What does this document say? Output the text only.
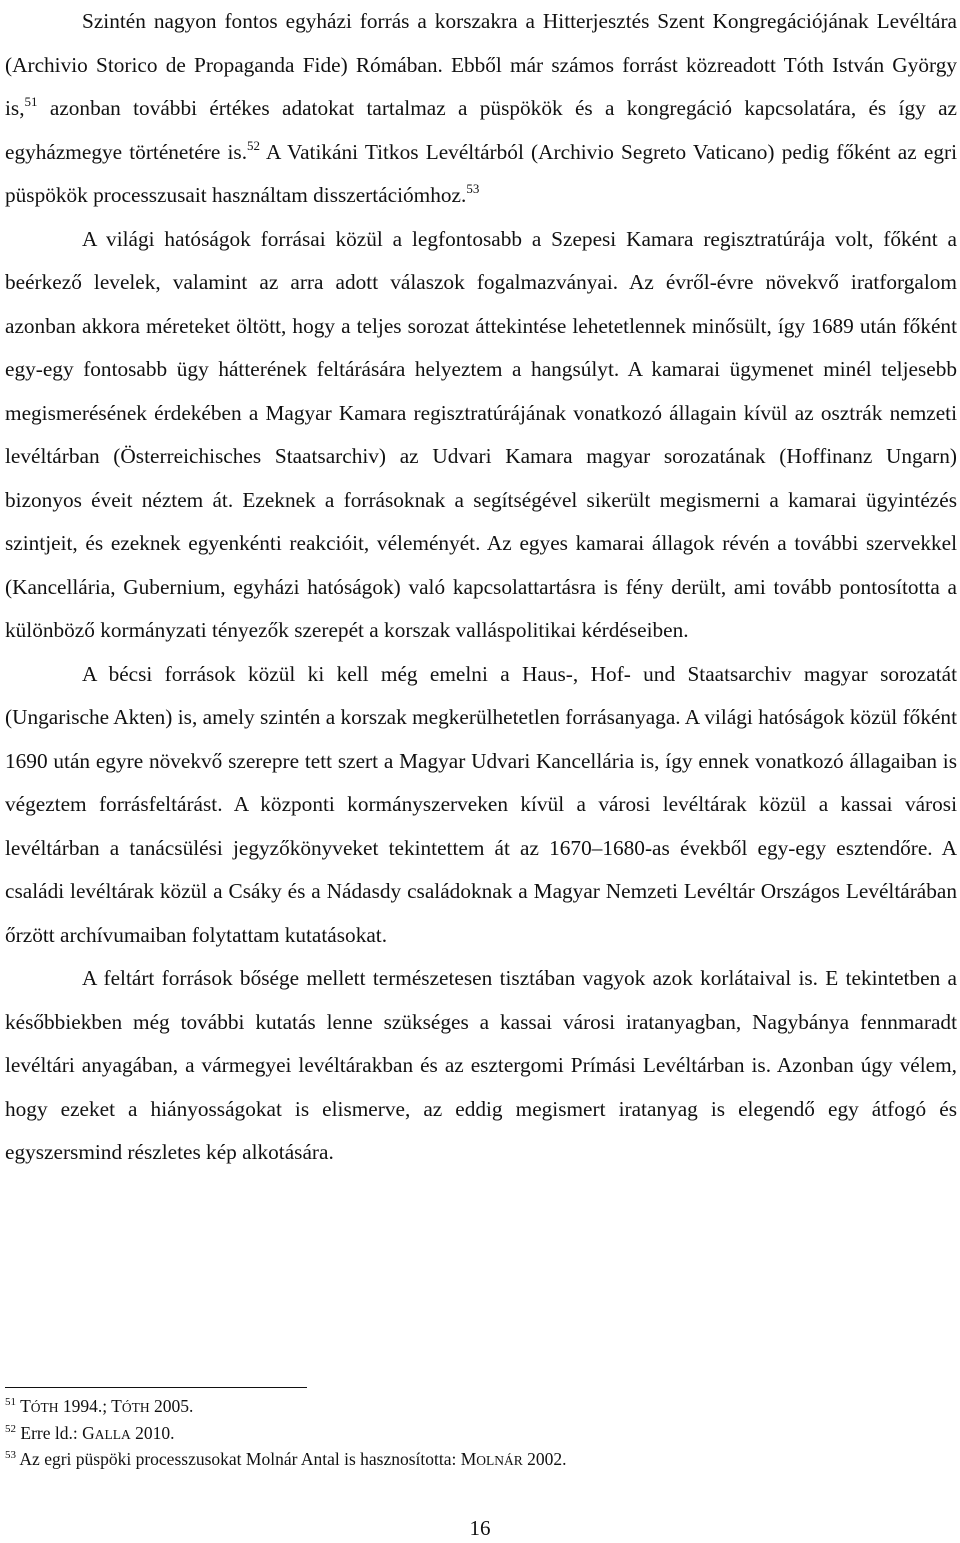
Szintén nagyon fontos egyházi forrás a korszakra a Hitterjesztés Szent Kongregációjának Levéltára (Archivio Storico de Propaganda Fide) Rómában. Ebből már számos forrást közreadott Tóth István György is,$^{51}$ azonban további értékes adatokat tartalmaz a püspökök és a kongregáció kapcsolatára, és így az egyházmegye történetére is.$^{52}$ A Vatikáni Titkos Levéltárból (Archivio Segreto Vaticano) pedig főként az egri püspökök processzusait használtam disszertációmhoz.$^{53}$

A világi hatóságok forrásai közül a legfontosabb a Szepesi Kamara regisztratúrája volt, főként a beérkező levelek, valamint az arra adott válaszok fogalmazványai. Az évről-évre növekvő iratforgalom azonban akkora méreteket öltött, hogy a teljes sorozat áttekintése lehetetlennek minősült, így 1689 után főként egy-egy fontosabb ügy hátterének feltárására helyeztem a hangsúlyt. A kamarai ügymenet minél teljesebb megismerésének érdekében a Magyar Kamara regisztratúrájának vonatkozó állagain kívül az osztrák nemzeti levéltárban (Österreichisches Staatsarchiv) az Udvari Kamara magyar sorozatának (Hoffinanz Ungarn) bizonyos éveit néztem át. Ezeknek a forrásoknak a segítségével sikerült megismerni a kamarai ügyintézés szintjeit, és ezeknek egyenkénti reakcióit, véleményét. Az egyes kamarai állagok révén a további szervekkel (Kancellária, Gubernium, egyházi hatóságok) való kapcsolattartásra is fény derült, ami tovább pontosította a különböző kormányzati tényezők szerepét a korszak valláspolitikai kérdéseiben.

A bécsi források közül ki kell még emelni a Haus-, Hof- und Staatsarchiv magyar sorozatát (Ungarische Akten) is, amely szintén a korszak megkerülhetetlen forrásanyaga. A világi hatóságok közül főként 1690 után egyre növekvő szerepre tett szert a Magyar Udvari Kancellária is, így ennek vonatkozó állagaiban is végeztem forrásfeltárást. A központi kormányszerveken kívül a városi levéltárak közül a kassai városi levéltárban a tanácsülési jegyzőkönyveket tekintettem át az 1670–1680-as évekből egy-egy esztendőre. A családi levéltárak közül a Csáky és a Nádasdy családoknak a Magyar Nemzeti Levéltár Országos Levéltárában őrzött archívumaiban folytattam kutatásokat.

A feltárt források bősége mellett természetesen tisztában vagyok azok korlátaival is. E tekintetben a későbbiekben még további kutatás lenne szükséges a kassai városi iratanyagban, Nagybánya fennmaradt levéltári anyagában, a vármegyei levéltárakban és az esztergomi Prímási Levéltárban is. Azonban úgy vélem, hogy ezeket a hiányosságokat is elismerve, az eddig megismert iratanyag is elegendő egy átfogó és egyszersmind részletes kép alkotására.

$^{51}$ TÓTH 1994.; TÓTH 2005.

$^{52}$ Erre ld.: GALLA 2010.

$^{53}$ Az egri püspöki processzusokat Molnár Antal is hasznosította: MOLNÁR 2002.

16
